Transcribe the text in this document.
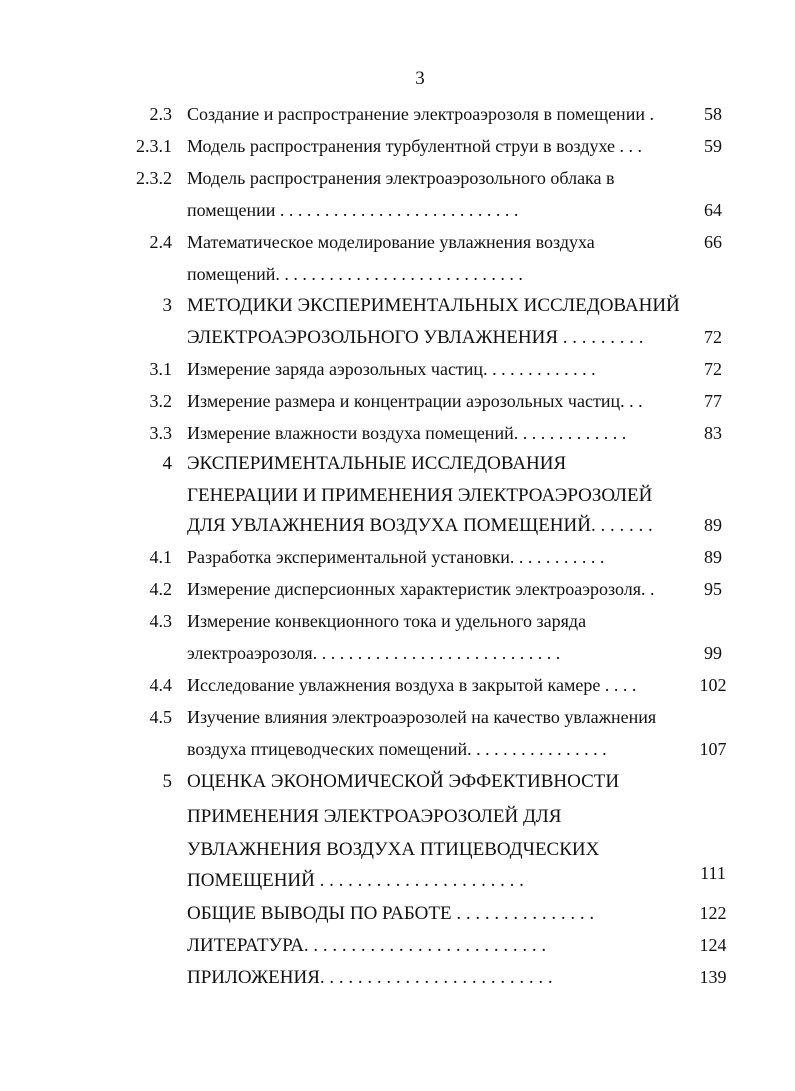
3
2.3 Создание и распространение электроаэрозоля в помещении .	58
2.3.1 Модель распространения турбулентной струи в воздухе . . .	59
2.3.2 Модель распространения электроаэрозольного облака в
помещении . . . . . . . . . . . . . . . . . . . . . . . . . . .	64
2.4 Математическое моделирование увлажнения воздуха	66
помещений. . . . . . . . . . . . . . . . . . . . . . . . . . . .
3 МЕТОДИКИ ЭКСПЕРИМЕНТАЛЬНЫХ ИССЛЕДОВАНИЙ
ЭЛЕКТРОАЭРОЗОЛЬНОГО УВЛАЖНЕНИЯ . . . . . . . . .	72
3.1 Измерение заряда аэрозольных частиц. . . . . . . . . . . . .	72
3.2 Измерение размера и концентрации аэрозольных частиц. . .	77
3.3 Измерение влажности воздуха помещений. . . . . . . . . . . . .	83
4 ЭКСПЕРИМЕНТАЛЬНЫЕ ИССЛЕДОВАНИЯ
ГЕНЕРАЦИИ И ПРИМЕНЕНИЯ ЭЛЕКТРОАЭРОЗОЛЕЙ
ДЛЯ УВЛАЖНЕНИЯ ВОЗДУХА ПОМЕЩЕНИЙ. . . . . . .	89
4.1 Разработка экспериментальной установки. . . . . . . . . . .	89
4.2 Измерение дисперсионных характеристик электроаэрозоля. .	95
4.3 Измерение конвекционного тока и удельного заряда
электроаэрозоля. . . . . . . . . . . . . . . . . . . . . . . . . . . .	99
4.4 Исследование увлажнения воздуха в закрытой камере . . . .	102
4.5 Изучение влияния электроаэрозолей на качество увлажнения
воздуха птицеводческих помещений. . . . . . . . . . . . . . . .	107
5 ОЦЕНКА ЭКОНОМИЧЕСКОЙ ЭФФЕКТИВНОСТИ
ПРИМЕНЕНИЯ ЭЛЕКТРОАЭРОЗОЛЕЙ ДЛЯ
УВЛАЖНЕНИЯ ВОЗДУХА ПТИЦЕВОДЧЕСКИХ
ПОМЕЩЕНИЙ . . . . . . . . . . . . . . . . . . . . . .	111
ОБЩИЕ ВЫВОДЫ ПО РАБОТЕ . . . . . . . . . . . . . . .	122
ЛИТЕРАТУРА. . . . . . . . . . . . . . . . . . . . . . . . . .	124
ПРИЛОЖЕНИЯ. . . . . . . . . . . . . . . . . . . . . . . . .	139
